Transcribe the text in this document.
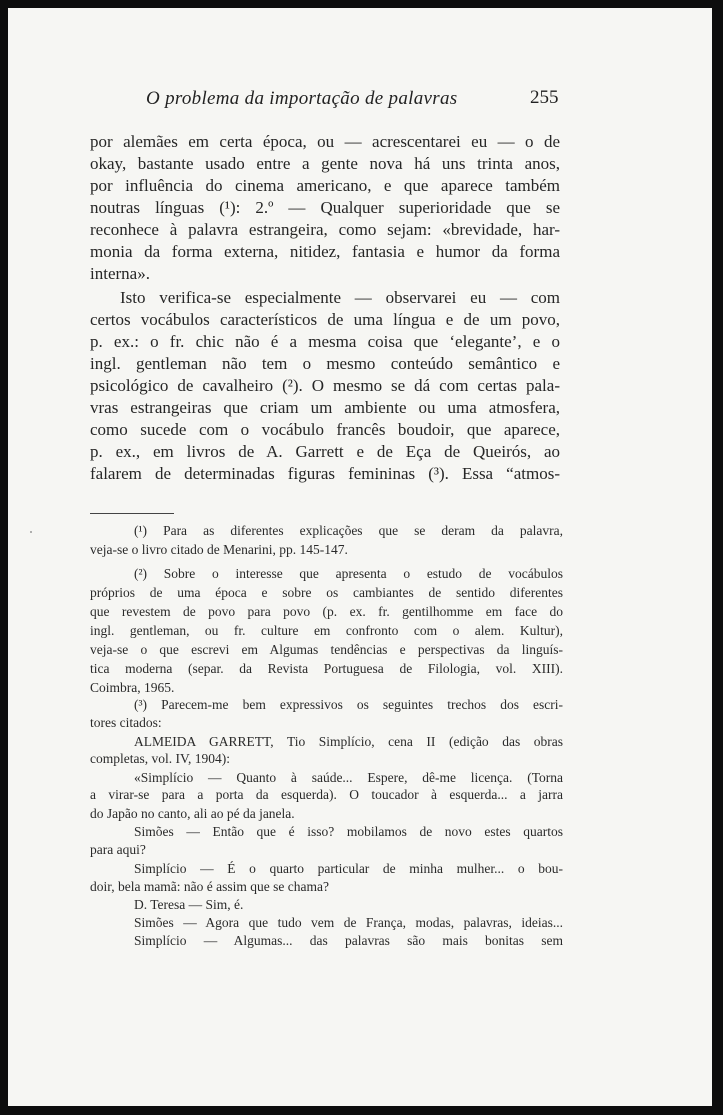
O problema da importação de palavras	255
por alemães em certa época, ou — acrescentarei eu — o de
okay, bastante usado entre a gente nova há uns trinta anos,
por influência do cinema americano, e que aparece também
noutras línguas (¹): 2.º — Qualquer superioridade que se
reconhece à palavra estrangeira, como sejam: «brevidade, har-
monia da forma externa, nitidez, fantasia e humor da forma
interna».
Isto verifica-se especialmente — observarei eu — com
certos vocábulos característicos de uma língua e de um povo,
p. ex.: o fr. chic não é a mesma coisa que ‘elegante’, e o
ingl. gentleman não tem o mesmo conteúdo semântico e
psicológico de cavalheiro (²). O mesmo se dá com certas pala-
vras estrangeiras que criam um ambiente ou uma atmosfera,
como sucede com o vocábulo francês boudoir, que aparece,
p. ex., em livros de A. Garrett e de Eça de Queirós, ao
falarem de determinadas figuras femininas (³). Essa “atmos-
(¹) Para as diferentes explicações que se deram da palavra,
veja-se o livro citado de Menarini, pp. 145-147.
(²) Sobre o interesse que apresenta o estudo de vocábulos
próprios de uma época e sobre os cambiantes de sentido diferentes
que revestem de povo para povo (p. ex. fr. gentilhomme em face do
ingl. gentleman, ou fr. culture em confronto com o alem. Kultur),
veja-se o que escrevi em Algumas tendências e perspectivas da linguís-
tica moderna (separ. da Revista Portuguesa de Filologia, vol. XIII).
Coimbra, 1965.
(³) Parecem-me bem expressivos os seguintes trechos dos escri-
tores citados:
ALMEIDA GARRETT, Tio Simplício, cena II (edição das obras
completas, vol. IV, 1904):
«Simplício — Quanto à saúde... Espere, dê-me licença. (Torna
a virar-se para a porta da esquerda). O toucador à esquerda... a jarra
do Japão no canto, ali ao pé da janela.
Simões — Então que é isso? mobilamos de novo estes quartos
para aqui?
Simplício — É o quarto particular de minha mulher... o bou-
doir, bela mamã: não é assim que se chama?
D. Teresa — Sim, é.
Simões — Agora que tudo vem de França, modas, palavras, ideias...
Simplício — Algumas... das palavras são mais bonitas sem
